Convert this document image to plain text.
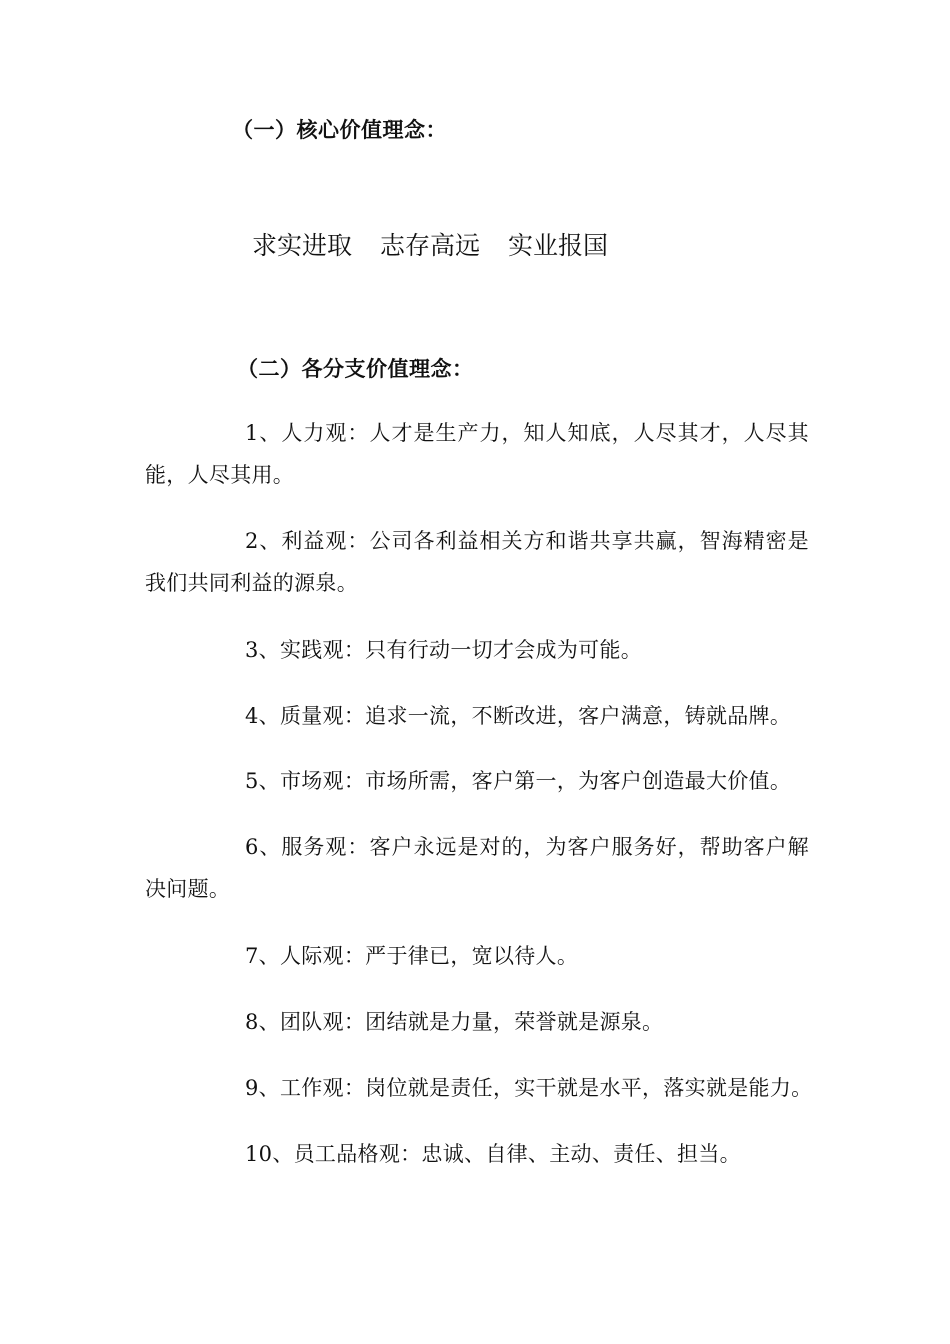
（一）核心价值理念：
求实进取 志存高远 实业报国
（二）各分支价值理念：

1、人力观：人才是生产力，知人知底，人尽其才，人尽其能，人尽其用。

2、利益观：公司各利益相关方和谐共享共赢，智海精密是我们共同利益的源泉。

3、实践观：只有行动一切才会成为可能。

4、质量观：追求一流，不断改进，客户满意，铸就品牌。

5、市场观：市场所需，客户第一，为客户创造最大价值。

6、服务观：客户永远是对的，为客户服务好，帮助客户解决问题。

7、人际观：严于律已，宽以待人。

8、团队观：团结就是力量，荣誉就是源泉。

9、工作观：岗位就是责任，实干就是水平，落实就是能力。

10、员工品格观：忠诚、自律、主动、责任、担当。
